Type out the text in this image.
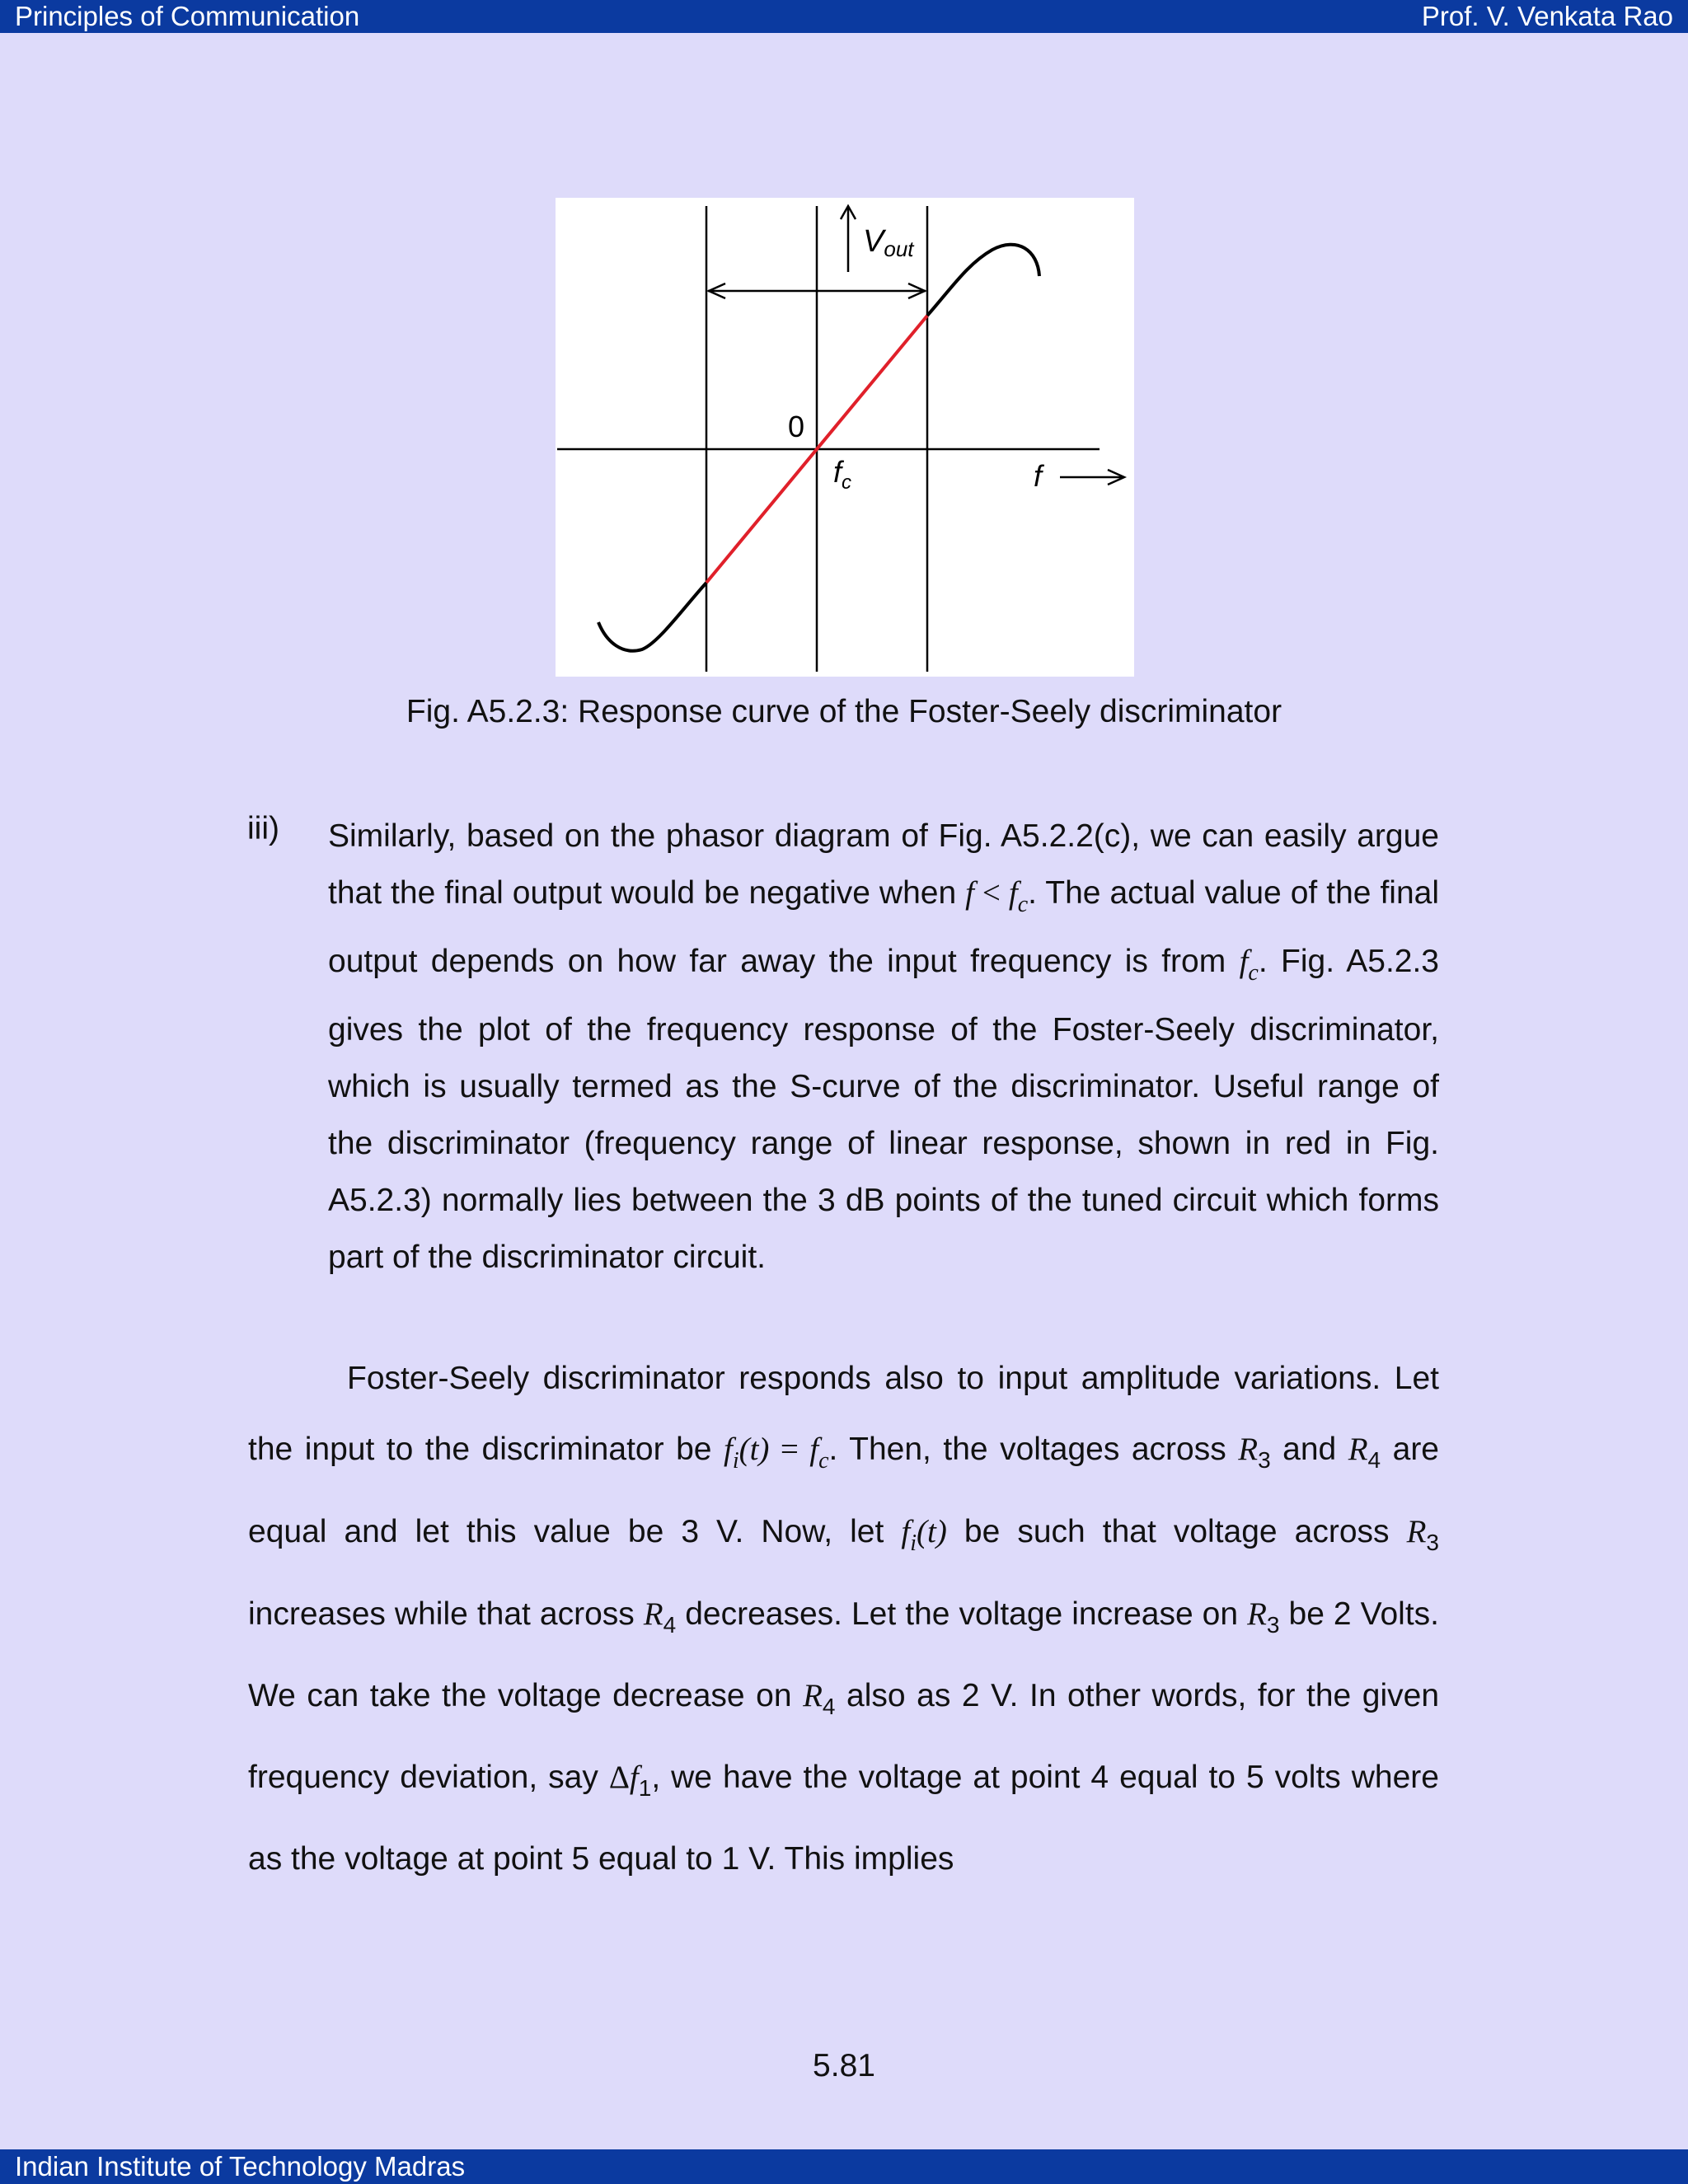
Principles of Communication	Prof. V. Venkata Rao
Vout
0
$f_c$	f
Fig. A5.2.3: Response curve of the Foster-Seely discriminator
iii) Similarly, based on the phasor diagram of Fig. A5.2.2(c), we can easily argue that the final output would be negative when $f < f_c$. The actual value of the final output depends on how far away the input frequency is from $f_c$. Fig. A5.2.3 gives the plot of the frequency response of the Foster-Seely discriminator, which is usually termed as the S-curve of the discriminator. Useful range of the discriminator (frequency range of linear response, shown in red in Fig. A5.2.3) normally lies between the 3 dB points of the tuned circuit which forms part of the discriminator circuit.
Foster-Seely discriminator responds also to input amplitude variations. Let the input to the discriminator be $f_i(t) = f_c$. Then, the voltages across $R_3$ and $R_4$ are equal and let this value be 3 V. Now, let $f_i(t)$ be such that voltage across $R_3$ increases while that across $R_4$ decreases. Let the voltage increase on $R_3$ be 2 Volts. We can take the voltage decrease on $R_4$ also as 2 V. In other words, for the given frequency deviation, say $\Delta f_1$, we have the voltage at point 4 equal to 5 volts where as the voltage at point 5 equal to 1 V. This implies
5.81
Indian Institute of Technology Madras
